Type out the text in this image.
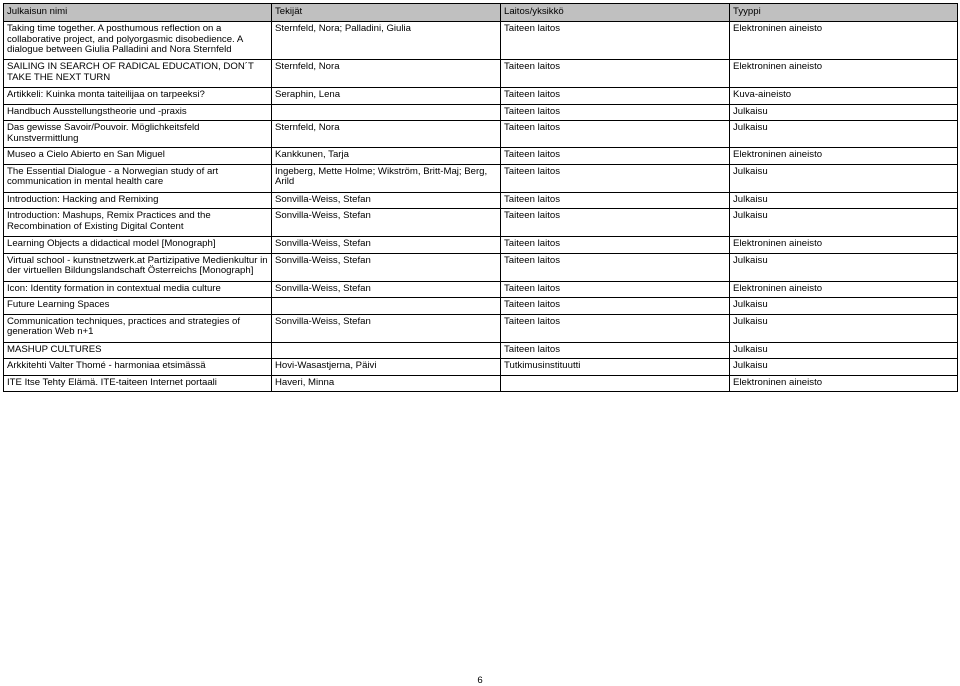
Julkaisun nimi	Tekijät	Laitos/yksikkö	Tyyppi
Taking time together. A posthumous reflection on a collaborative project, and polyorgasmic disobedience. A dialogue between Giulia Palladini and Nora Sternfeld	Sternfeld, Nora; Palladini, Giulia	Taiteen laitos	Elektroninen aineisto
SAILING IN SEARCH OF RADICAL EDUCATION, DON´T TAKE THE NEXT TURN	Sternfeld, Nora	Taiteen laitos	Elektroninen aineisto
Artikkeli: Kuinka monta taiteilijaa on tarpeeksi?	Seraphin, Lena	Taiteen laitos	Kuva-aineisto
Handbuch Ausstellungstheorie und -praxis		Taiteen laitos	Julkaisu
Das gewisse Savoir/Pouvoir. Möglichkeitsfeld Kunstvermittlung	Sternfeld, Nora	Taiteen laitos	Julkaisu
Museo a Cielo Abierto en San Miguel	Kankkunen, Tarja	Taiteen laitos	Elektroninen aineisto
The Essential Dialogue - a Norwegian study of art communication in mental health care	Ingeberg, Mette Holme; Wikström, Britt-Maj; Berg, Arild	Taiteen laitos	Julkaisu
Introduction: Hacking and Remixing	Sonvilla-Weiss, Stefan	Taiteen laitos	Julkaisu
Introduction: Mashups, Remix Practices and the Recombination of Existing Digital Content	Sonvilla-Weiss, Stefan	Taiteen laitos	Julkaisu
Learning Objects a didactical model [Monograph]	Sonvilla-Weiss, Stefan	Taiteen laitos	Elektroninen aineisto
Virtual school - kunstnetzwerk.at Partizipative Medienkultur in der virtuellen Bildungslandschaft Österreichs [Monograph]	Sonvilla-Weiss, Stefan	Taiteen laitos	Julkaisu
Icon: Identity formation in contextual media culture	Sonvilla-Weiss, Stefan	Taiteen laitos	Elektroninen aineisto
Future Learning Spaces		Taiteen laitos	Julkaisu
Communication techniques, practices and strategies of generation Web n+1	Sonvilla-Weiss, Stefan	Taiteen laitos	Julkaisu
MASHUP CULTURES		Taiteen laitos	Julkaisu
Arkkitehti Valter Thomé - harmoniaa etsimässä	Hovi-Wasastjerna, Päivi	Tutkimusinstituutti	Julkaisu
ITE Itse Tehty Elämä. ITE-taiteen Internet portaali	Haveri, Minna		Elektroninen aineisto
6
